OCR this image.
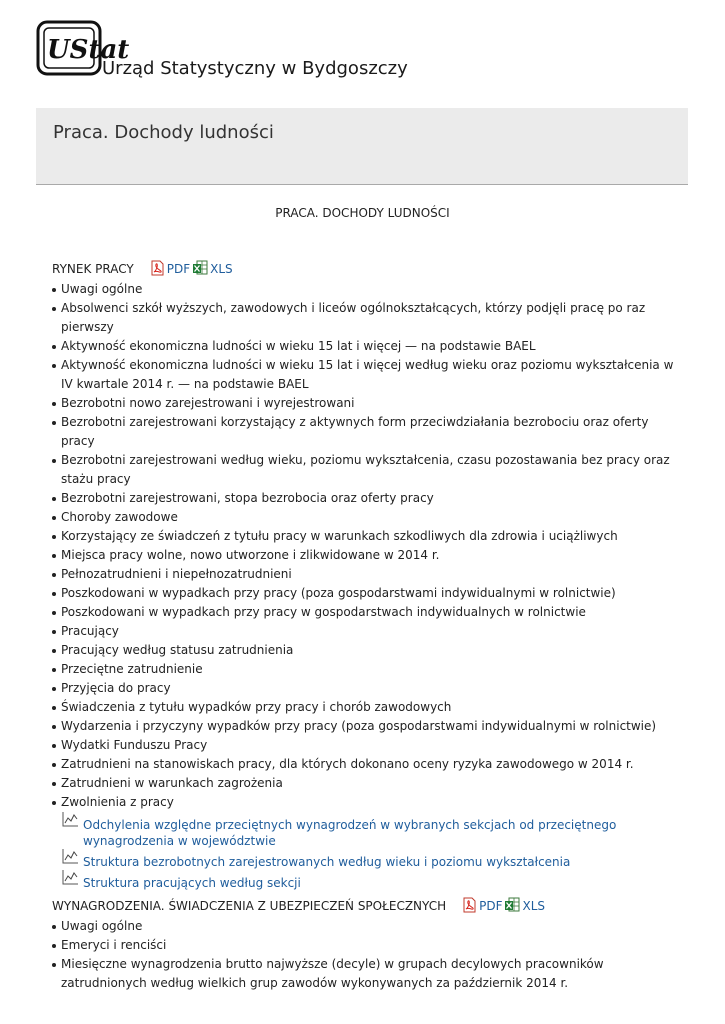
UStat
Urząd Statystyczny w Bydgoszczy
Praca. Dochody ludności
PRACA. DOCHODY LUDNOŚCI
RYNEK PRACY	PDF XLS
Uwagi ogólne
Absolwenci szkół wyższych, zawodowych i liceów ogólnokształcących, którzy podjęli pracę po raz pierwszy
Aktywność ekonomiczna ludności w wieku 15 lat i więcej — na podstawie BAEL
Aktywność ekonomiczna ludności w wieku 15 lat i więcej według wieku oraz poziomu wykształcenia w IV kwartale 2014 r. — na podstawie BAEL
Bezrobotni nowo zarejestrowani i wyrejestrowani
Bezrobotni zarejestrowani korzystający z aktywnych form przeciwdziałania bezrobociu oraz oferty pracy
Bezrobotni zarejestrowani według wieku, poziomu wykształcenia, czasu pozostawania bez pracy oraz stażu pracy
Bezrobotni zarejestrowani, stopa bezrobocia oraz oferty pracy
Choroby zawodowe
Korzystający ze świadczeń z tytułu pracy w warunkach szkodliwych dla zdrowia i uciążliwych
Miejsca pracy wolne, nowo utworzone i zlikwidowane w 2014 r.
Pełnozatrudnieni i niepełnozatrudnieni
Poszkodowani w wypadkach przy pracy (poza gospodarstwami indywidualnymi w rolnictwie)
Poszkodowani w wypadkach przy pracy w gospodarstwach indywidualnych w rolnictwie
Pracujący
Pracujący według statusu zatrudnienia
Przeciętne zatrudnienie
Przyjęcia do pracy
Świadczenia z tytułu wypadków przy pracy i chorób zawodowych
Wydarzenia i przyczyny wypadków przy pracy (poza gospodarstwami indywidualnymi w rolnictwie)
Wydatki Funduszu Pracy
Zatrudnieni na stanowiskach pracy, dla których dokonano oceny ryzyka zawodowego w 2014 r.
Zatrudnieni w warunkach zagrożenia
Zwolnienia z pracy
Odchylenia względne przeciętnych wynagrodzeń w wybranych sekcjach od przeciętnego wynagrodzenia w województwie
Struktura bezrobotnych zarejestrowanych według wieku i poziomu wykształcenia
Struktura pracujących według sekcji
WYNAGRODZENIA. ŚWIADCZENIA Z UBEZPIECZEŃ SPOŁECZNYCH	PDF XLS
Uwagi ogólne
Emeryci i renciści
Miesięczne wynagrodzenia brutto najwyższe (decyle) w grupach decylowych pracowników zatrudnionych według wielkich grup zawodów wykonywanych za październik 2014 r.
